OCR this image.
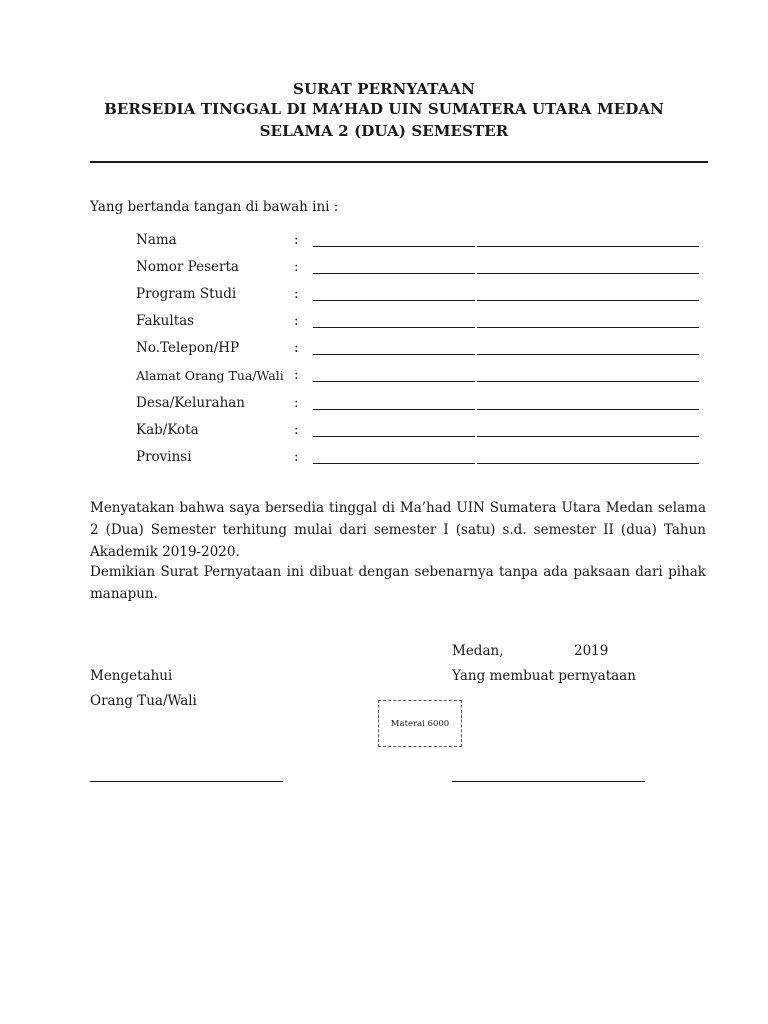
SURAT PERNYATAAN
BERSEDIA TINGGAL DI MA’HAD UIN SUMATERA UTARA MEDAN
SELAMA 2 (DUA) SEMESTER
Yang bertanda tangan di bawah ini :
Nama	:
Nomor Peserta	:
Program Studi	:
Fakultas	:
No.Telepon/HP	:
Alamat Orang Tua/Wali :
Desa/Kelurahan	:
Kab/Kota	:
Provinsi	:
Menyatakan bahwa saya bersedia tinggal di Ma’had UIN Sumatera Utara Medan selama 2 (Dua) Semester terhitung mulai dari semester I (satu) s.d. semester II (dua) Tahun Akademik 2019-2020.
Demikian Surat Pernyataan ini dibuat dengan sebenarnya tanpa ada paksaan dari pihak manapun.
Medan,	2019
Mengetahui	Yang membuat pernyataan
Orang Tua/Wali
Materai 6000
